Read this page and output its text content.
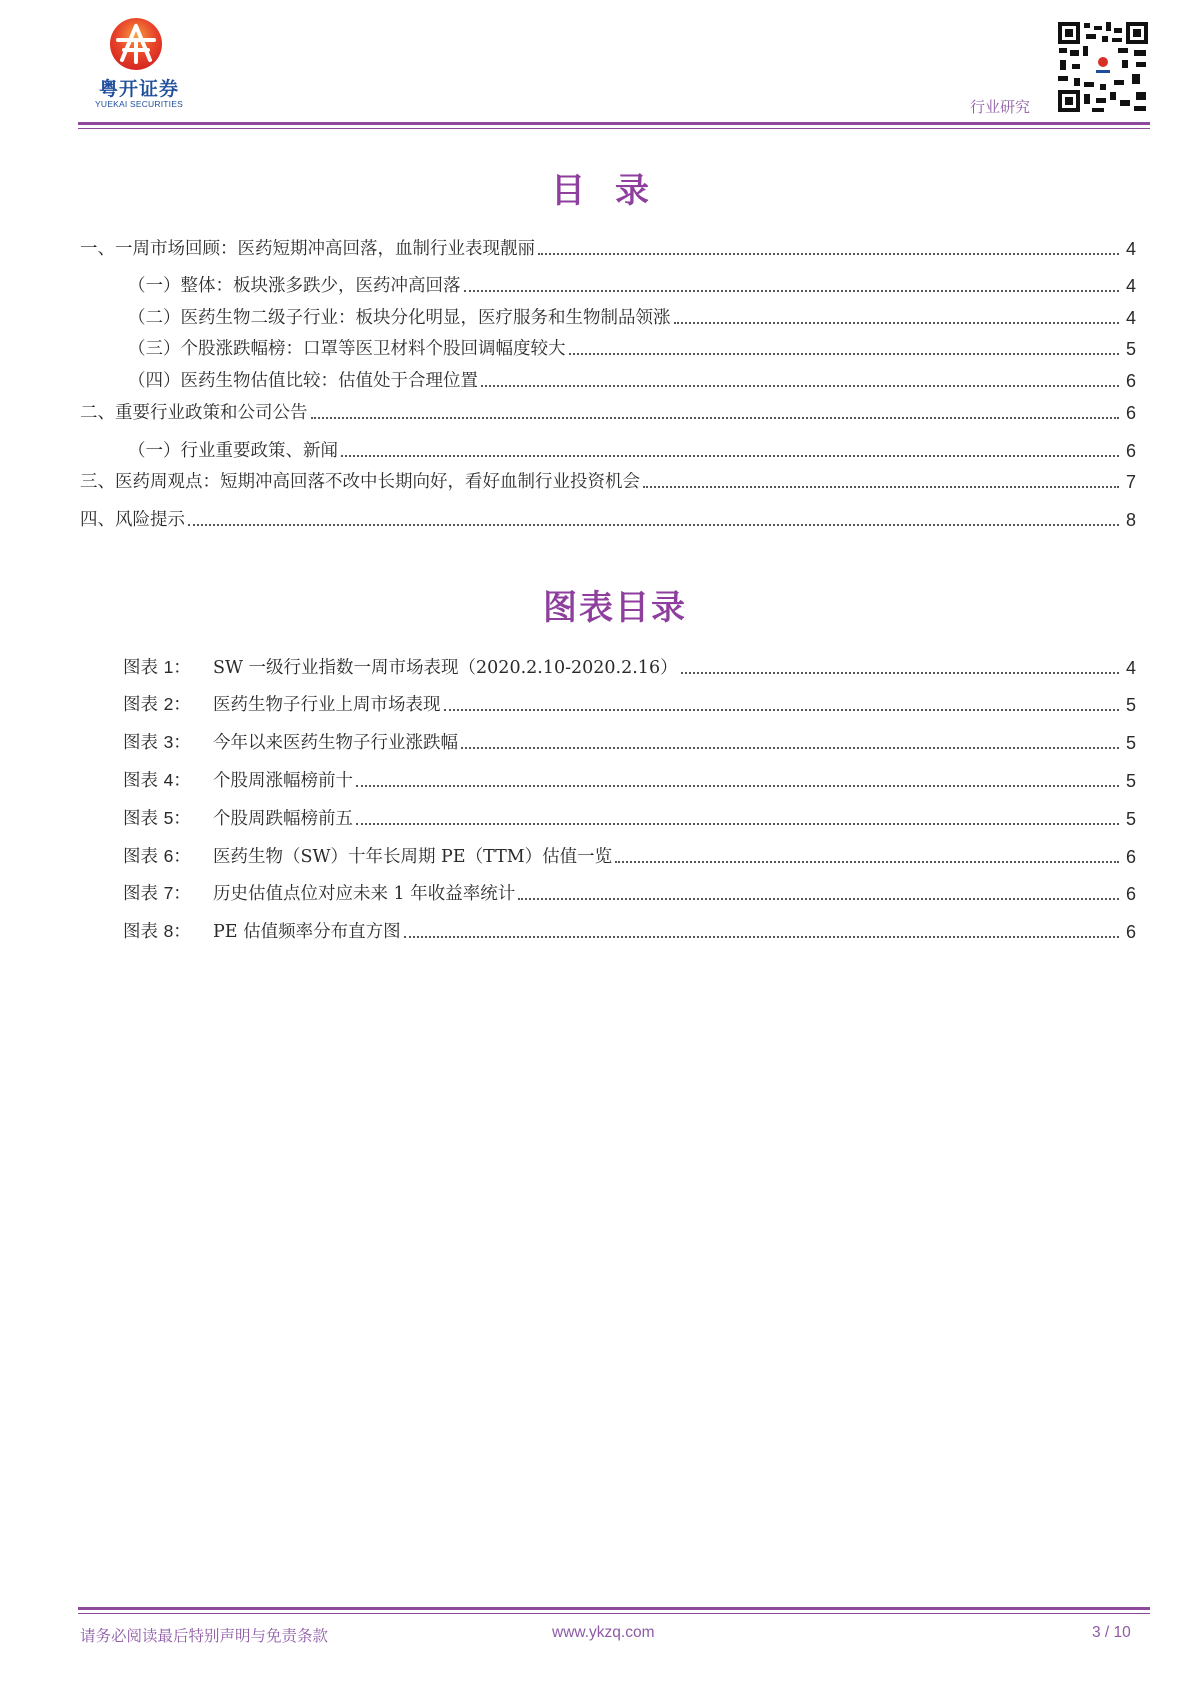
粤开证券
YUEKAI SECURITIES	行业研究
目录
一、一周市场回顾：医药短期冲高回落，血制行业表现靓丽	4
（一）整体：板块涨多跌少，医药冲高回落	4
（二）医药生物二级子行业：板块分化明显，医疗服务和生物制品领涨	4
（三）个股涨跌幅榜：口罩等医卫材料个股回调幅度较大	5
（四）医药生物估值比较：估值处于合理位置	6
二、重要行业政策和公司公告	6
（一）行业重要政策、新闻	6
三、医药周观点：短期冲高回落不改中长期向好，看好血制行业投资机会	7
四、风险提示	8
图表目录
图表 1：	SW 一级行业指数一周市场表现（2020.2.10-2020.2.16）	4
图表 2：	医药生物子行业上周市场表现	5
图表 3：	今年以来医药生物子行业涨跌幅	5
图表 4：	个股周涨幅榜前十	5
图表 5：	个股周跌幅榜前五	5
图表 6：	医药生物（SW）十年长周期 PE（TTM）估值一览	6
图表 7：	历史估值点位对应未来 1 年收益率统计	6
图表 8：	PE 估值频率分布直方图	6
请务必阅读最后特别声明与免责条款	www.ykzq.com	3 / 10
